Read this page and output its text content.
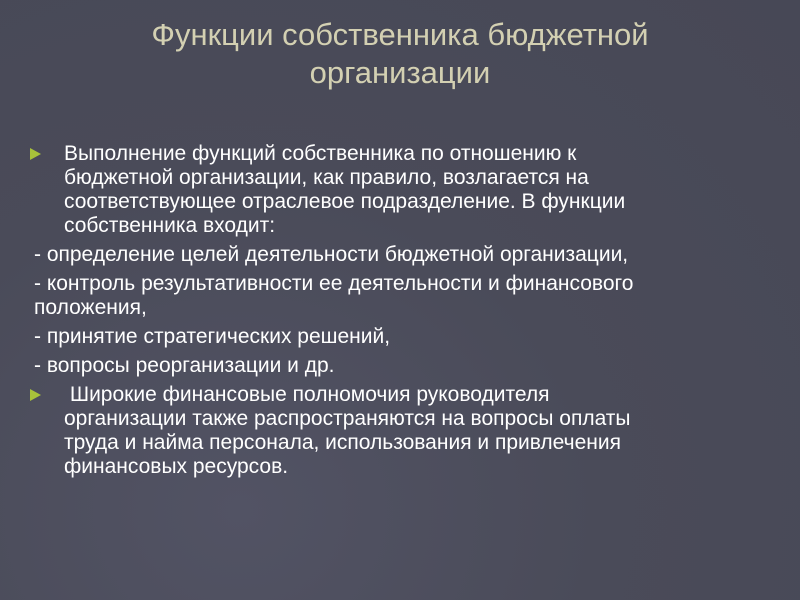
Функции собственника бюджетной
организации
Выполнение функций собственника по отношению к
бюджетной организации, как правило, возлагается на
соответствующее отраслевое подразделение. В функции
собственника входит:
- определение целей деятельности бюджетной организации,
- контроль результативности ее деятельности и финансового
положения,
- принятие стратегических решений,
- вопросы реорганизации и др.
Широкие финансовые полномочия руководителя
организации также распространяются на вопросы оплаты
труда и найма персонала, использования и привлечения
финансовых ресурсов.
